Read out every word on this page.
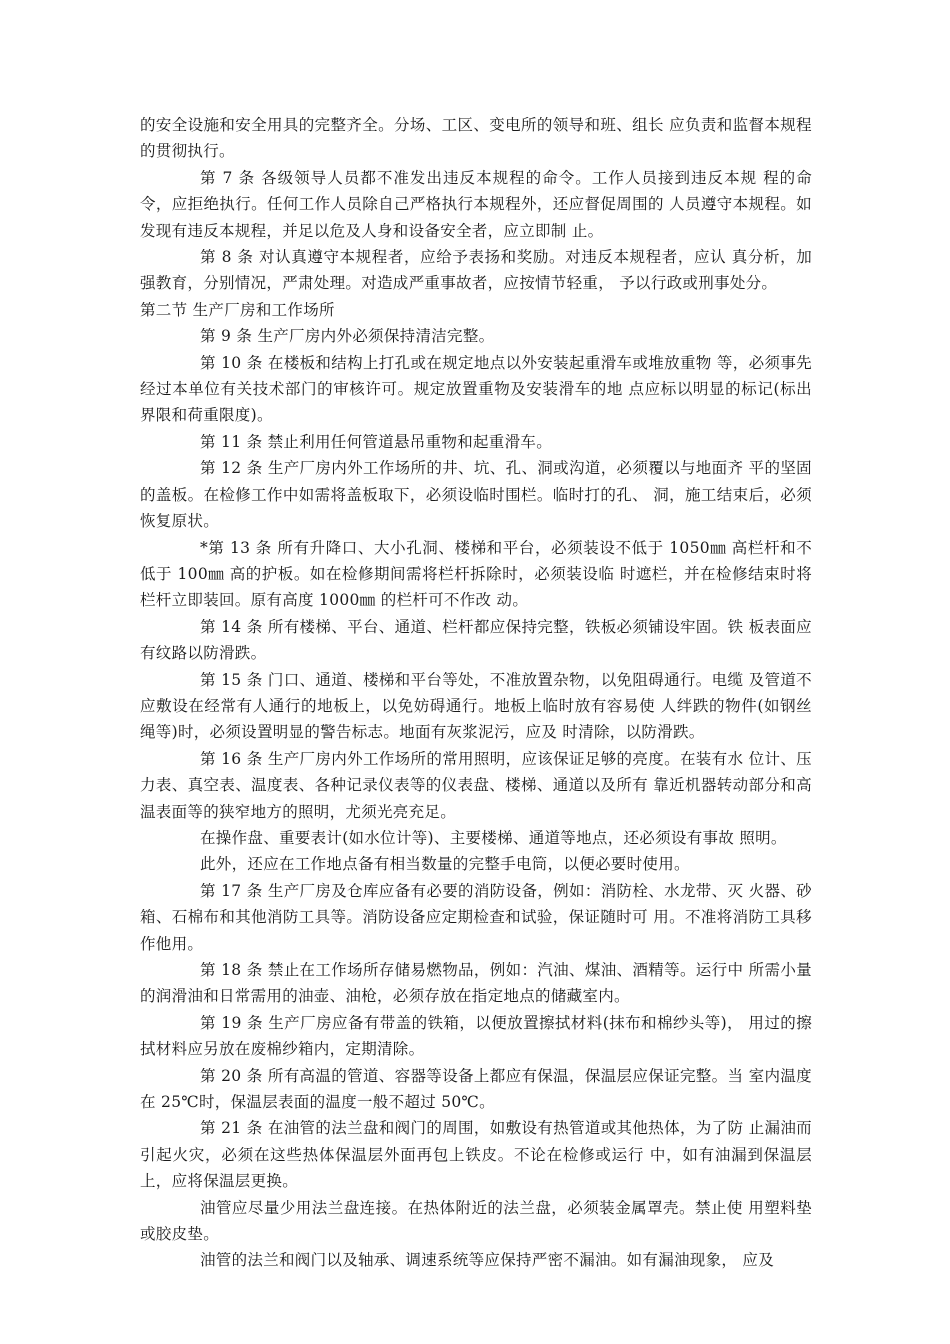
的安全设施和安全用具的完整齐全。分场、工区、变电所的领导和班、组长 应负责和监督本规程的贯彻执行。

第 7 条 各级领导人员都不准发出违反本规程的命令。工作人员接到违反本规 程的命令，应拒绝执行。任何工作人员除自己严格执行本规程外，还应督促周围的 人员遵守本规程。如发现有违反本规程，并足以危及人身和设备安全者，应立即制 止。

第 8 条 对认真遵守本规程者，应给予表扬和奖励。对违反本规程者，应认 真分析，加强教育，分别情况，严肃处理。对造成严重事故者，应按情节轻重， 予以行政或刑事处分。

第二节 生产厂房和工作场所

第 9 条 生产厂房内外必须保持清洁完整。

第 10 条 在楼板和结构上打孔或在规定地点以外安装起重滑车或堆放重物 等，必须事先经过本单位有关技术部门的审核许可。规定放置重物及安装滑车的地 点应标以明显的标记(标出界限和荷重限度)。

第 11 条 禁止利用任何管道悬吊重物和起重滑车。

第 12 条 生产厂房内外工作场所的井、坑、孔、洞或沟道，必须覆以与地面齐 平的坚固的盖板。在检修工作中如需将盖板取下，必须设临时围栏。临时打的孔、 洞，施工结束后，必须恢复原状。

*第 13 条 所有升降口、大小孔洞、楼梯和平台，必须装设不低于 1050㎜ 高栏杆和不低于 100㎜ 高的护板。如在检修期间需将栏杆拆除时，必须装设临 时遮栏，并在检修结束时将栏杆立即装回。原有高度 1000㎜ 的栏杆可不作改 动。

第 14 条 所有楼梯、平台、通道、栏杆都应保持完整，铁板必须铺设牢固。铁 板表面应有纹路以防滑跌。

第 15 条 门口、通道、楼梯和平台等处，不准放置杂物，以免阻碍通行。电缆 及管道不应敷设在经常有人通行的地板上，以免妨碍通行。地板上临时放有容易使 人绊跌的物件(如钢丝绳等)时，必须设置明显的警告标志。地面有灰浆泥污，应及 时清除，以防滑跌。

第 16 条 生产厂房内外工作场所的常用照明，应该保证足够的亮度。在装有水 位计、压力表、真空表、温度表、各种记录仪表等的仪表盘、楼梯、通道以及所有 靠近机器转动部分和高温表面等的狭窄地方的照明，尤须光亮充足。

在操作盘、重要表计(如水位计等)、主要楼梯、通道等地点，还必须设有事故 照明。

此外，还应在工作地点备有相当数量的完整手电筒，以便必要时使用。

第 17 条 生产厂房及仓库应备有必要的消防设备，例如：消防栓、水龙带、灭 火器、砂箱、石棉布和其他消防工具等。消防设备应定期检查和试验，保证随时可 用。不准将消防工具移作他用。

第 18 条 禁止在工作场所存储易燃物品，例如：汽油、煤油、酒精等。运行中 所需小量的润滑油和日常需用的油壶、油枪，必须存放在指定地点的储藏室内。

第 19 条 生产厂房应备有带盖的铁箱，以便放置擦拭材料(抹布和棉纱头等)， 用过的擦拭材料应另放在废棉纱箱内，定期清除。

第 20 条 所有高温的管道、容器等设备上都应有保温，保温层应保证完整。当 室内温度在 25℃时，保温层表面的温度一般不超过 50℃。

第 21 条 在油管的法兰盘和阀门的周围，如敷设有热管道或其他热体，为了防 止漏油而引起火灾，必须在这些热体保温层外面再包上铁皮。不论在检修或运行 中，如有油漏到保温层上，应将保温层更换。

油管应尽量少用法兰盘连接。在热体附近的法兰盘，必须装金属罩壳。禁止使 用塑料垫或胶皮垫。

油管的法兰和阀门以及轴承、调速系统等应保持严密不漏油。如有漏油现象， 应及
